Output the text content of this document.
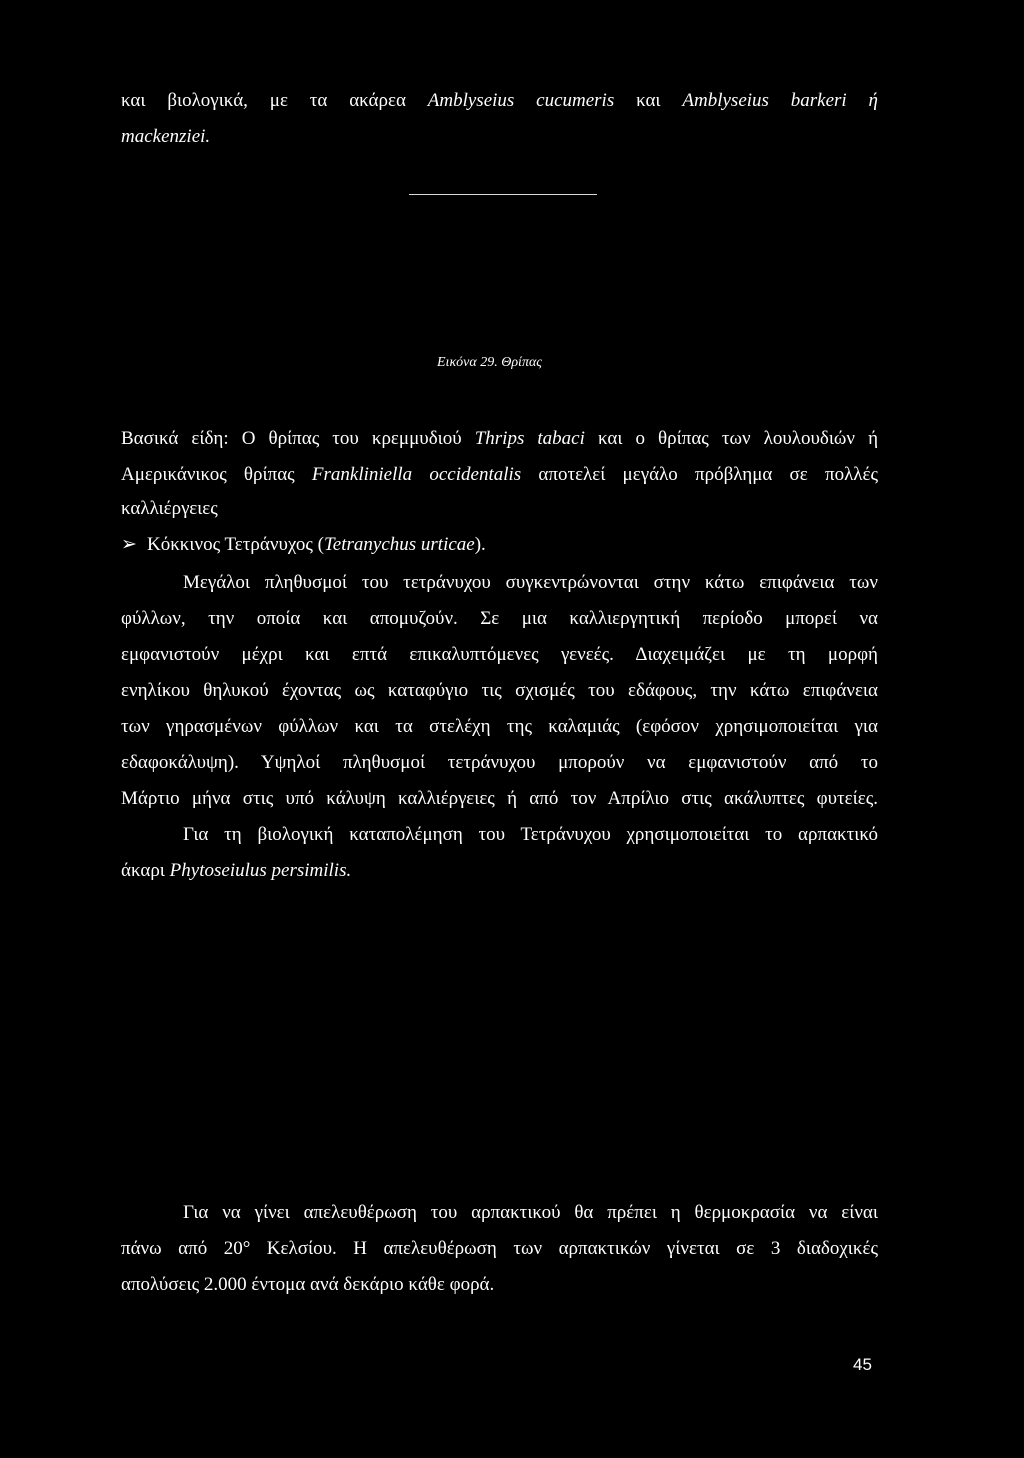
και βιολογικά, με τα ακάρεα Amblyseius cucumeris και Amblyseius barkeri ή
mackenziei.
Εικόνα 29. Θρίπας
Βασικά είδη: Ο θρίπας του κρεμμυδιού Thrips tabaci και ο θρίπας των λουλουδιών ή
Αμερικάνικος θρίπας Frankliniella occidentalis αποτελεί μεγάλο πρόβλημα σε πολλές
καλλιέργειες
➢ Κόκκινος Τετράνυχος (Tetranychus urticae).
Μεγάλοι πληθυσμοί του τετράνυχου συγκεντρώνονται στην κάτω επιφάνεια των
φύλλων, την οποία και απομυζούν. Σε μια καλλιεργητική περίοδο μπορεί να
εμφανιστούν μέχρι και επτά επικαλυπτόμενες γενεές. Διαχειμάζει με τη μορφή
ενηλίκου θηλυκού έχοντας ως καταφύγιο τις σχισμές του εδάφους, την κάτω επιφάνεια
των γηρασμένων φύλλων και τα στελέχη της καλαμιάς (εφόσον χρησιμοποιείται για
εδαφοκάλυψη). Υψηλοί πληθυσμοί τετράνυχου μπορούν να εμφανιστούν από το
Μάρτιο μήνα στις υπό κάλυψη καλλιέργειες ή από τον Απρίλιο στις ακάλυπτες φυτείες.
Για τη βιολογική καταπολέμηση του Τετράνυχου χρησιμοποιείται το αρπακτικό
άκαρι Phytoseiulus persimilis.
Για να γίνει απελευθέρωση του αρπακτικού θα πρέπει η θερμοκρασία να είναι
πάνω από 20° Κελσίου. Η απελευθέρωση των αρπακτικών γίνεται σε 3 διαδοχικές
απολύσεις 2.000 έντομα ανά δεκάριο κάθε φορά.
45
